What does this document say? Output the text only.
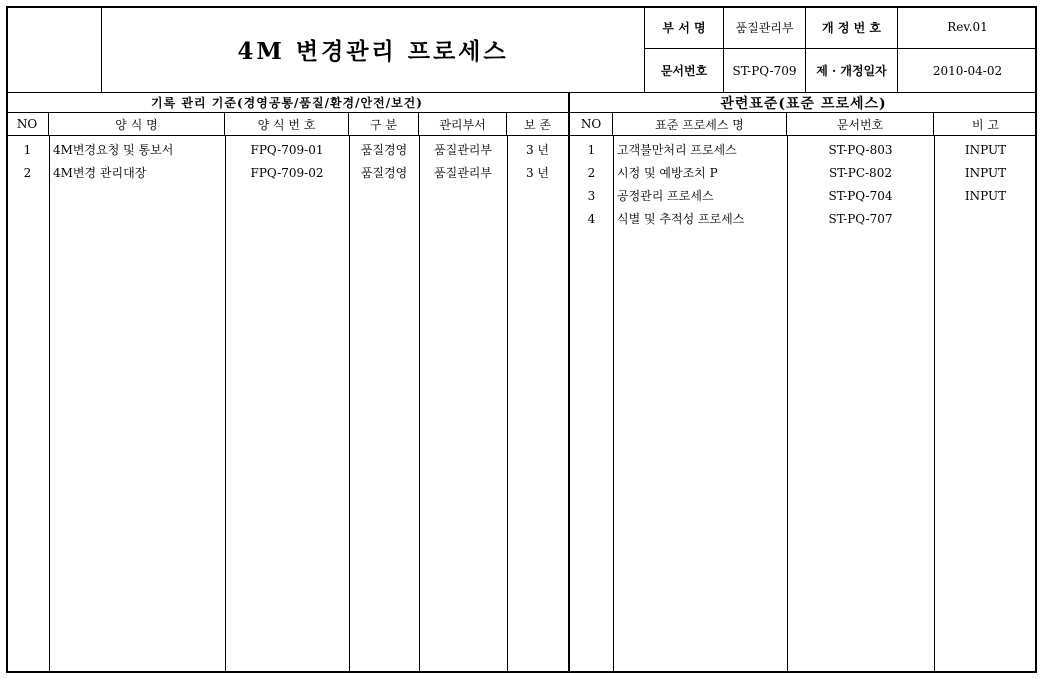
4M 변경관리 프로세스
부 서 명	품질관리부	개 정 번 호	Rev.01
문서번호	ST-PQ-709	제 · 개정일자	2010-04-02
기록 관리 기준(경영공통/품질/환경/안전/보건)
NO	양 식 명	양 식 번 호	구 분	관리부서	보 존
1	4M변경요청 및 통보서	FPQ-709-01	품질경영	품질관리부	3 년
2	4M변경 관리대장	FPQ-709-02	품질경영	품질관리부	3 년
관련표준(표준 프로세스)
NO	표준 프로세스 명	문서번호	비 고
1	고객불만처리 프로세스	ST-PQ-803	INPUT
2	시정 및 예방조치 P	ST-PC-802	INPUT
3	공정관리 프로세스	ST-PQ-704	INPUT
4	식별 및 추적성 프로세스	ST-PQ-707
